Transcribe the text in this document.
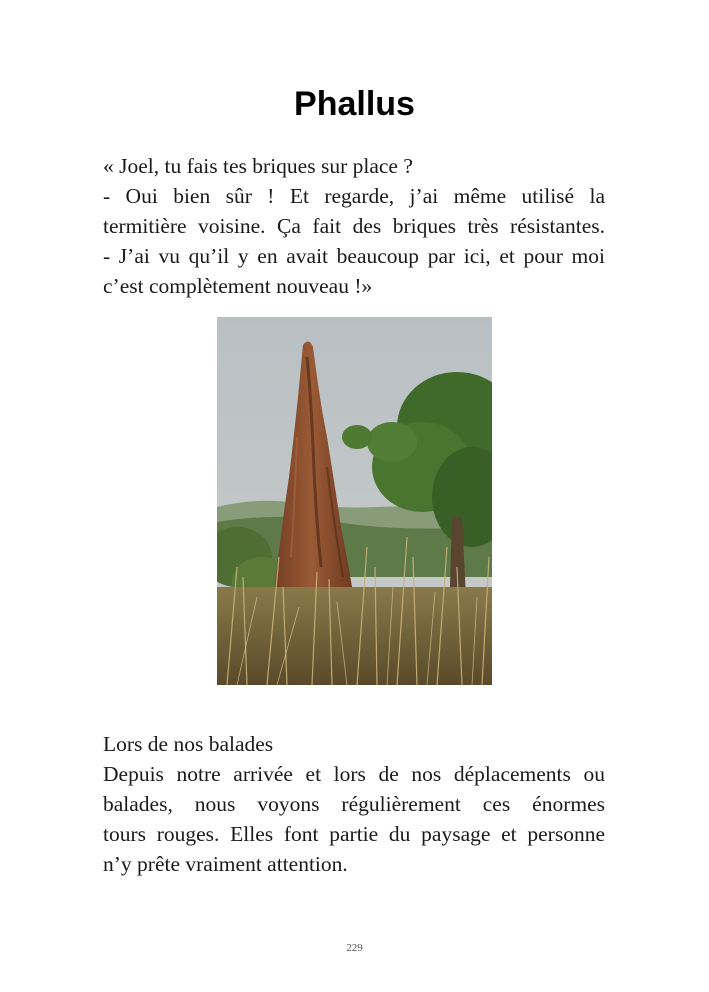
Phallus
« Joel, tu fais tes briques sur place ?
- Oui bien sûr ! Et regarde, j’ai même utilisé la
termitière voisine. Ça fait des briques très résistantes.
- J’ai vu qu’il y en avait beaucoup par ici, et pour moi
c’est complètement nouveau !»
Lors de nos balades
Depuis notre arrivée et lors de nos déplacements ou
balades, nous voyons régulièrement ces énormes
tours rouges. Elles font partie du paysage et personne
n’y prête vraiment attention.
229
